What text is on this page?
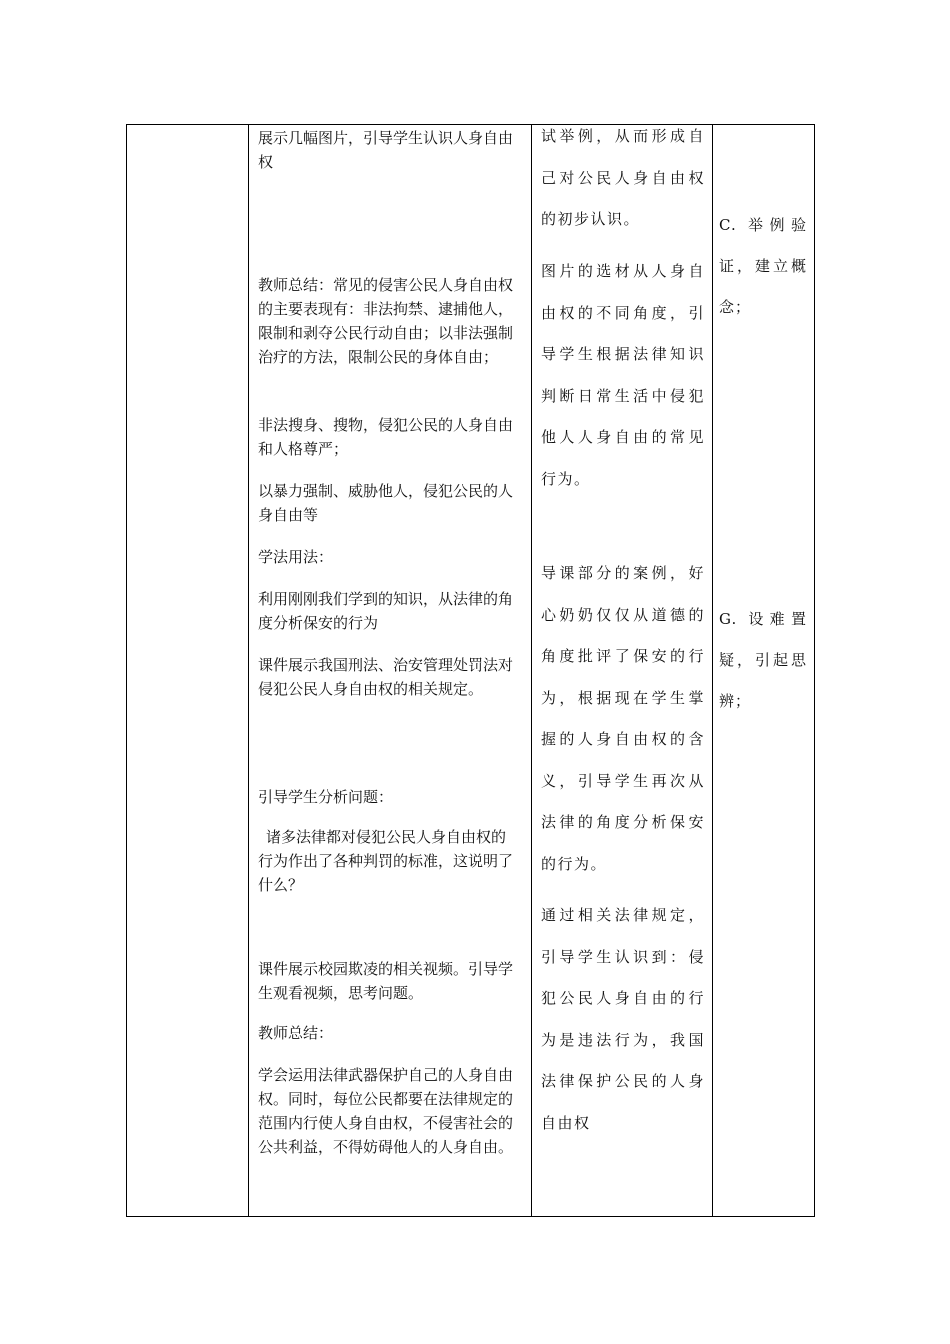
展示几幅图片，引导学生认识人身自由权

教师总结：常见的侵害公民人身自由权的主要表现有：非法拘禁、逮捕他人，限制和剥夺公民行动自由；以非法强制治疗的方法，限制公民的身体自由；

非法搜身、搜物，侵犯公民的人身自由和人格尊严；

以暴力强制、威胁他人，侵犯公民的人身自由等

学法用法：

利用刚刚我们学到的知识，从法律的角度分析保安的行为

课件展示我国刑法、治安管理处罚法对侵犯公民人身自由权的相关规定。

引导学生分析问题：

诸多法律都对侵犯公民人身自由权的行为作出了各种判罚的标准，这说明了什么？

课件展示校园欺凌的相关视频。引导学生观看视频，思考问题。

教师总结：

学会运用法律武器保护自己的人身自由权。同时，每位公民都要在法律规定的范围内行使人身自由权，不侵害社会的公共利益，不得妨碍他人的人身自由。

试举例，从而形成自己对公民人身自由权的初步认识。

图片的选材从人身自由权的不同角度，引导学生根据法律知识判断日常生活中侵犯他人人身自由的常见行为。

导课部分的案例，好心奶奶仅仅从道德的角度批评了保安的行为，根据现在学生掌握的人身自由权的含义，引导学生再次从法律的角度分析保安的行为。

通过相关法律规定，引导学生认识到：侵犯公民人身自由的行为是违法行为，我国法律保护公民的人身自由权

C. 举例验证，建立概念；

G. 设难置疑，引起思辨；
